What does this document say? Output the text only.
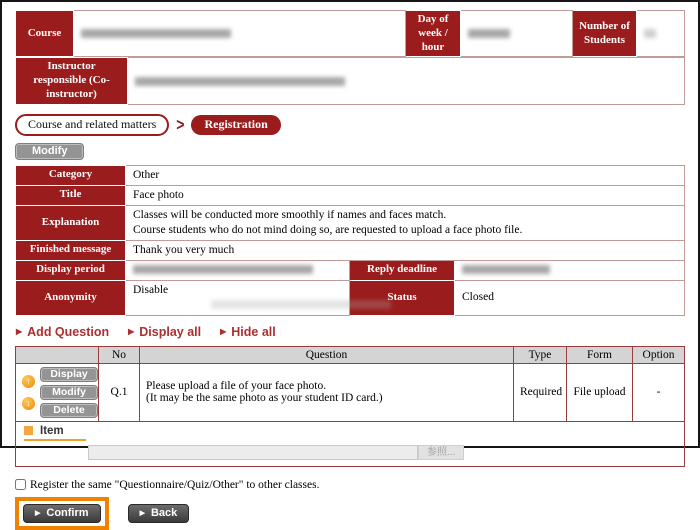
Course		Day of week / hour		Number of Students	
Instructor responsible (Co-instructor)	
Course and related matters >	Registration
Modify
Category	Other		
Title	Face photo		
Explanation	Classes will be conducted more smoothly if names and faces match.
Course students who do not mind doing so, are requested to upload a face photo file.		

Finished message	Thank you very much		
Display period		Reply deadline	
Anonymity	Disable	Status	Closed
▶ Add Question ▶	Display all ▶	Hide all
	No	Question	Type	Form	Option

↑
↓
Display
Modify
Delete	Q.1	Please upload a file of your face photo.
(It may be the same photo as your student ID card.)	Required	File upload	-
Item
参照...					
Register the same "Questionnaire/Quiz/Other" to other classes.
▶
Confirm ▶	Back
